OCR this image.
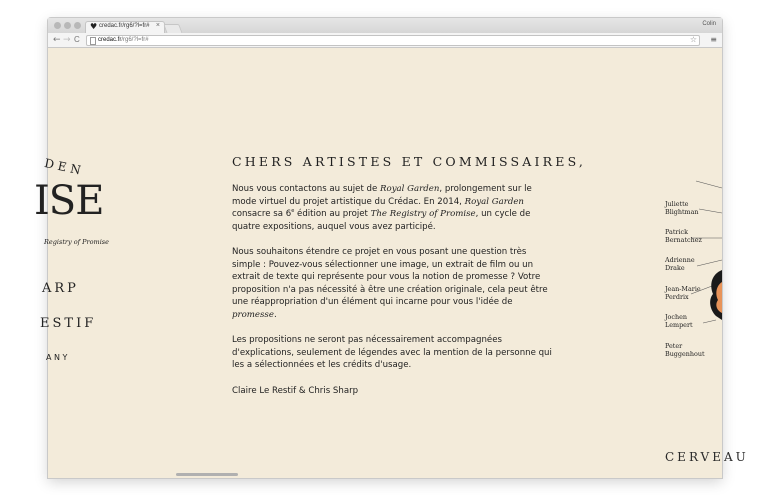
♥ credac.fr/rg6/?l=fr# ×	Colin
← → C	credac.fr/rg6/?l=fr#	☆ ≡
DEN
ISE
Registry of Promise
ARP
ESTIF
ANY
CHERS ARTISTES ET COMMISSAIRES,

Nous vous contactons au sujet de Royal Garden, prolongement sur le mode virtuel du projet artistique du Crédac. En 2014, Royal Garden consacre sa 6e édition au projet The Registry of Promise, un cycle de quatre expositions, auquel vous avez participé.

Nous souhaitons étendre ce projet en vous posant une question très simple : Pouvez-vous sélectionner une image, un extrait de film ou un extrait de texte qui représente pour vous la notion de promesse ? Votre proposition n'a pas nécessité à être une création originale, cela peut être une réappropriation d'un élément qui incarne pour vous l'idée de promesse.

Les propositions ne seront pas nécessairement accompagnées d'explications, seulement de légendes avec la mention de la personne qui les a sélectionnées et les crédits d'usage.

Claire Le Restif & Chris Sharp

Juliette
Blightman
Patrick
Bernatchez
Adrienne
Drake
Jean-Marie
Perdrix
Jochen
Lempert
Peter
Buggenhout
CERVEAU
